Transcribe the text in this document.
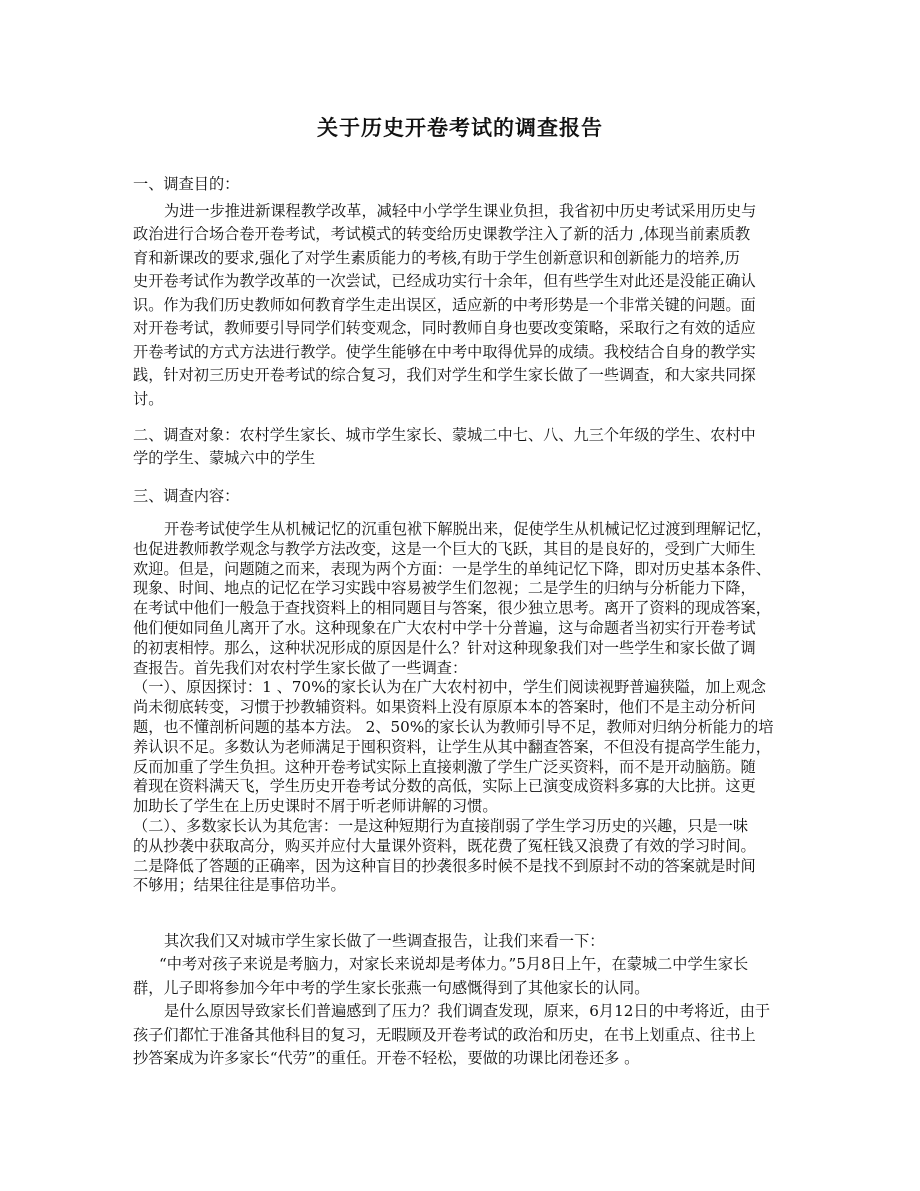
关于历史开卷考试的调查报告
一、调查目的：
为进一步推进新课程教学改革，减轻中小学学生课业负担，我省初中历史考试采用历史与
政治进行合场合卷开卷考试，考试模式的转变给历史课教学注入了新的活力 ,体现当前素质教
育和新课改的要求,强化了对学生素质能力的考核,有助于学生创新意识和创新能力的培养,历
史开卷考试作为教学改革的一次尝试，已经成功实行十余年，但有些学生对此还是没能正确认
识。作为我们历史教师如何教育学生走出误区，适应新的中考形势是一个非常关键的问题。面
对开卷考试，教师要引导同学们转变观念，同时教师自身也要改变策略，采取行之有效的适应
开卷考试的方式方法进行教学。使学生能够在中考中取得优异的成绩。我校结合自身的教学实
践，针对初三历史开卷考试的综合复习，我们对学生和学生家长做了一些调查，和大家共同探
讨。
二、调查对象：农村学生家长、城市学生家长、蒙城二中七、八、九三个年级的学生、农村中
学的学生、蒙城六中的学生
三、调查内容：
开卷考试使学生从机械记忆的沉重包袱下解脱出来，促使学生从机械记忆过渡到理解记忆，
也促进教师教学观念与教学方法改变，这是一个巨大的飞跃，其目的是良好的，受到广大师生
欢迎。但是，问题随之而来，表现为两个方面：一是学生的单纯记忆下降，即对历史基本条件、
现象、时间、地点的记忆在学习实践中容易被学生们忽视；二是学生的归纳与分析能力下降，
在考试中他们一般急于查找资料上的相同题目与答案，很少独立思考。离开了资料的现成答案，
他们便如同鱼儿离开了水。这种现象在广大农村中学十分普遍，这与命题者当初实行开卷考试
的初衷相悖。那么，这种状况形成的原因是什么？针对这种现象我们对一些学生和家长做了调
查报告。首先我们对农村学生家长做了一些调查：
（一）、原因探讨：1 、70%的家长认为在广大农村初中，学生们阅读视野普遍狭隘，加上观念
尚未彻底转变，习惯于抄教辅资料。如果资料上没有原原本本的答案时，他们不是主动分析问
题，也不懂剖析问题的基本方法。 2、50%的家长认为教师引导不足，教师对归纳分析能力的培
养认识不足。多数认为老师满足于囤积资料，让学生从其中翻查答案，不但没有提高学生能力，
反而加重了学生负担。这种开卷考试实际上直接刺激了学生广泛买资料，而不是开动脑筋。随
着现在资料满天飞，学生历史开卷考试分数的高低，实际上已演变成资料多寡的大比拼。这更
加助长了学生在上历史课时不屑于听老师讲解的习惯。
（二）、多数家长认为其危害：一是这种短期行为直接削弱了学生学习历史的兴趣，只是一味
的从抄袭中获取高分，购买并应付大量课外资料，既花费了冤枉钱又浪费了有效的学习时间。
二是降低了答题的正确率，因为这种盲目的抄袭很多时候不是找不到原封不动的答案就是时间
不够用；结果往往是事倍功半。
其次我们又对城市学生家长做了一些调查报告，让我们来看一下：
“中考对孩子来说是考脑力，对家长来说却是考体力。”5月8日上午，在蒙城二中学生家长
群，儿子即将参加今年中考的学生家长张燕一句感慨得到了其他家长的认同。
是什么原因导致家长们普遍感到了压力？我们调查发现，原来，6月12日的中考将近，由于
孩子们都忙于准备其他科目的复习，无暇顾及开卷考试的政治和历史，在书上划重点、往书上
抄答案成为许多家长“代劳”的重任。开卷不轻松，要做的功课比闭卷还多 。
